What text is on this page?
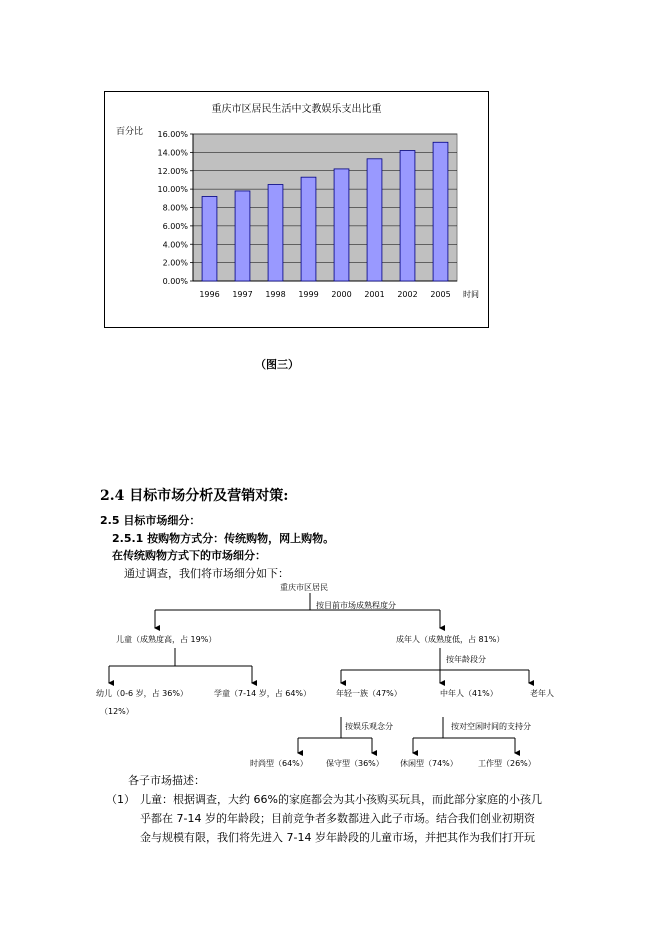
重庆市区居民生活中文教娱乐支出比重
百分比
0.00%
2.00%
4.00%
6.00%
8.00%
10.00%
12.00%
14.00%
16.00%
1996 1997 1998 1999 2000 2001 2002 2005 时间
（图三）
2.4 目标市场分析及营销对策:
2.5 目标市场细分：
2.5.1 按购物方式分：传统购物，网上购物。
在传统购物方式下的市场细分：
通过调查，我们将市场细分如下：
重庆市区居民
按目前市场成熟程度分
儿童（成熟度高，占 19%）	成年人（成熟度低，占 81%）
幼儿（0-6 岁，占 36%）
（12%）
学童（7-14 岁，占 64%）
按年龄段分
年轻一族（47%）	中年人（41%）	老年人
按娱乐观念分	按对空闲时间的支持分
时尚型（64%） 保守型（36%） 休闲型（74%）	工作型（26%）
各子市场描述：
（1） 儿童：根据调查，大约 66%的家庭都会为其小孩购买玩具，而此部分家庭的小孩几
乎都在 7-14 岁的年龄段；目前竞争者多数都进入此子市场。结合我们创业初期资
金与规模有限，我们将先进入 7-14 岁年龄段的儿童市场，并把其作为我们打开玩
